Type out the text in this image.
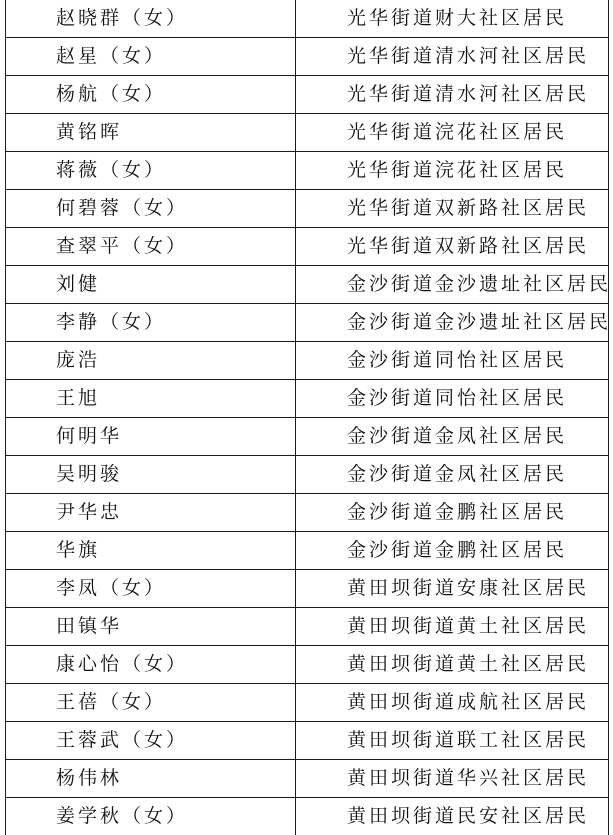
赵晓群（女）	光华街道财大社区居民
赵星（女）	光华街道清水河社区居民
杨航（女）	光华街道清水河社区居民
黄铭晖	光华街道浣花社区居民
蒋薇（女）	光华街道浣花社区居民
何碧蓉（女）	光华街道双新路社区居民
查翠平（女）	光华街道双新路社区居民
刘健	金沙街道金沙遗址社区居民
李静（女）	金沙街道金沙遗址社区居民
庞浩	金沙街道同怡社区居民
王旭	金沙街道同怡社区居民
何明华	金沙街道金凤社区居民
吴明骏	金沙街道金凤社区居民
尹华忠	金沙街道金鹏社区居民
华旗	金沙街道金鹏社区居民
李凤（女）	黄田坝街道安康社区居民
田镇华	黄田坝街道黄土社区居民
康心怡（女）	黄田坝街道黄土社区居民
王蓓（女）	黄田坝街道成航社区居民
王蓉武（女）	黄田坝街道联工社区居民
杨伟林	黄田坝街道华兴社区居民
姜学秋（女）	黄田坝街道民安社区居民
